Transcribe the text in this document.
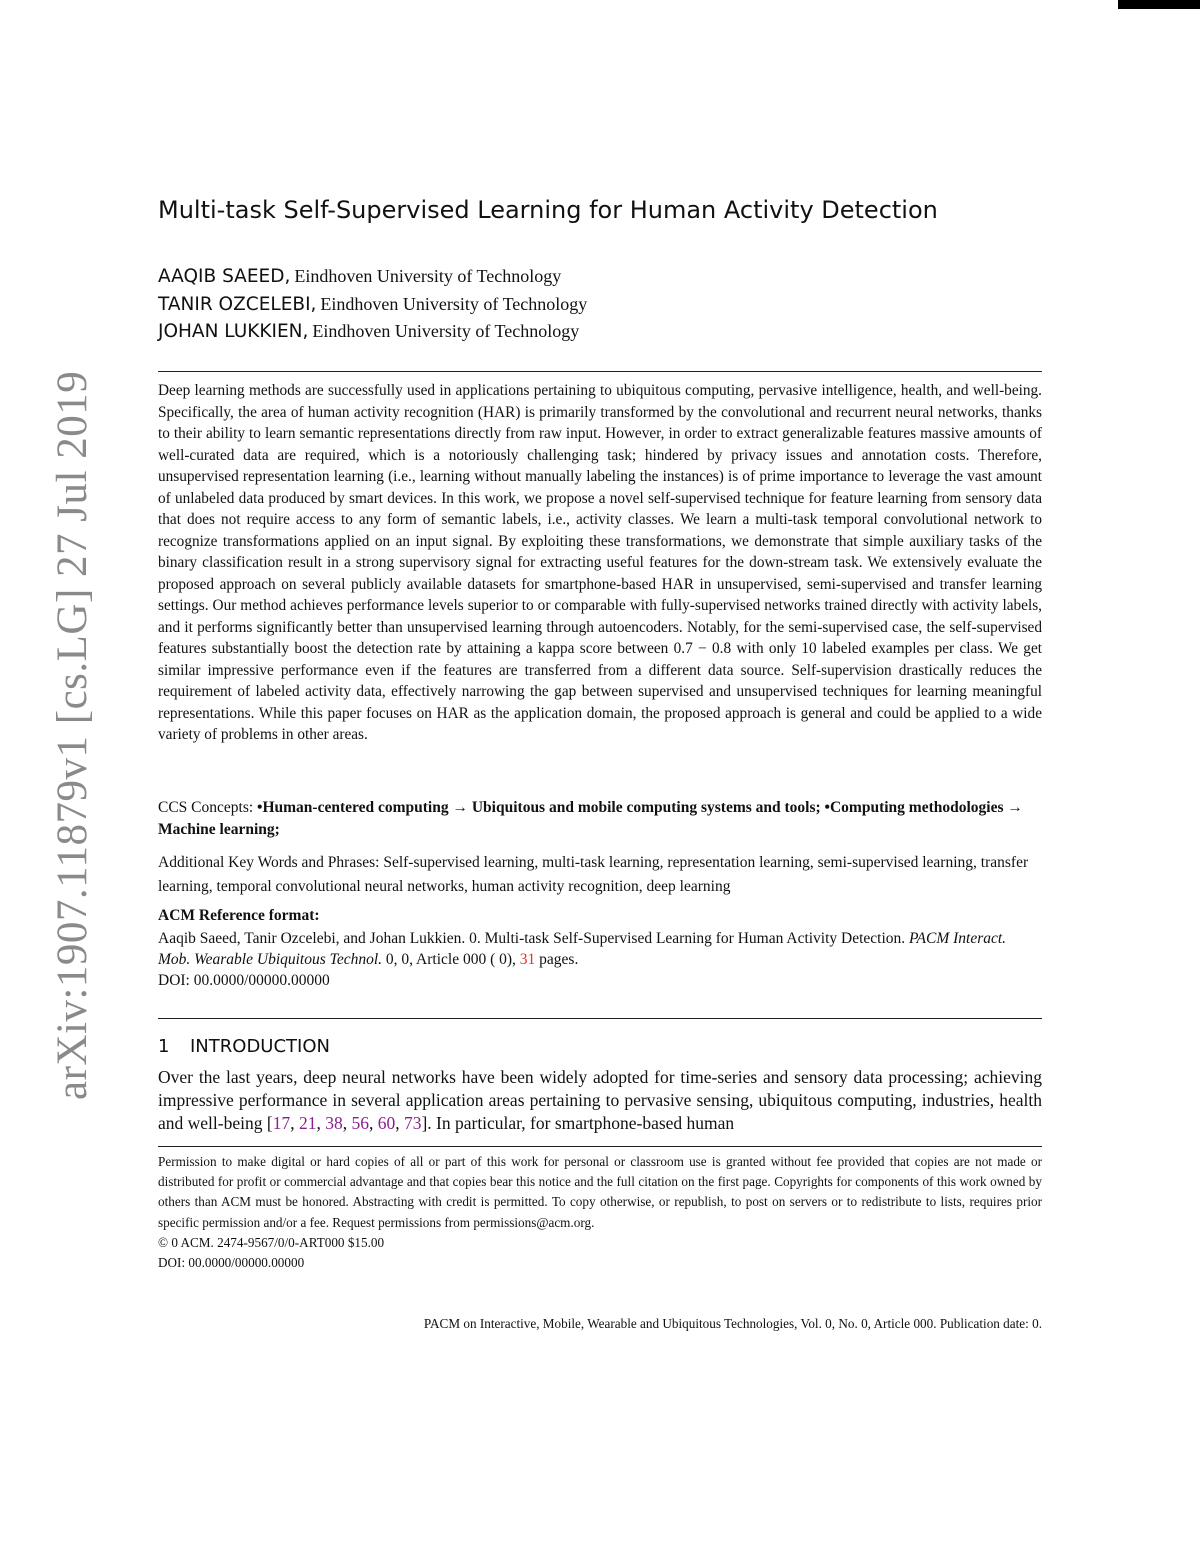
arXiv:1907.11879v1 [cs.LG] 27 Jul 2019
Multi-task Self-Supervised Learning for Human Activity Detection
AAQIB SAEED, Eindhoven University of Technology
TANIR OZCELEBI, Eindhoven University of Technology
JOHAN LUKKIEN, Eindhoven University of Technology
Deep learning methods are successfully used in applications pertaining to ubiquitous computing, pervasive intelligence, health, and well-being. Specifically, the area of human activity recognition (HAR) is primarily transformed by the convolutional and recurrent neural networks, thanks to their ability to learn semantic representations directly from raw input. However, in order to extract generalizable features massive amounts of well-curated data are required, which is a notoriously challenging task; hindered by privacy issues and annotation costs. Therefore, unsupervised representation learning (i.e., learning without manually labeling the instances) is of prime importance to leverage the vast amount of unlabeled data produced by smart devices. In this work, we propose a novel self-supervised technique for feature learning from sensory data that does not require access to any form of semantic labels, i.e., activity classes. We learn a multi-task temporal convolutional network to recognize transformations applied on an input signal. By exploiting these transformations, we demonstrate that simple auxiliary tasks of the binary classification result in a strong supervisory signal for extracting useful features for the down-stream task. We extensively evaluate the proposed approach on several publicly available datasets for smartphone-based HAR in unsupervised, semi-supervised and transfer learning settings. Our method achieves performance levels superior to or comparable with fully-supervised networks trained directly with activity labels, and it performs significantly better than unsupervised learning through autoencoders. Notably, for the semi-supervised case, the self-supervised features substantially boost the detection rate by attaining a kappa score between 0.7 − 0.8 with only 10 labeled examples per class. We get similar impressive performance even if the features are transferred from a different data source. Self-supervision drastically reduces the requirement of labeled activity data, effectively narrowing the gap between supervised and unsupervised techniques for learning meaningful representations. While this paper focuses on HAR as the application domain, the proposed approach is general and could be applied to a wide variety of problems in other areas.
CCS Concepts: •Human-centered computing → Ubiquitous and mobile computing systems and tools; •Computing methodologies → Machine learning;
Additional Key Words and Phrases: Self-supervised learning, multi-task learning, representation learning, semi-supervised learning, transfer learning, temporal convolutional neural networks, human activity recognition, deep learning
ACM Reference format:
Aaqib Saeed, Tanir Ozcelebi, and Johan Lukkien. 0. Multi-task Self-Supervised Learning for Human Activity Detection. PACM Interact. Mob. Wearable Ubiquitous Technol. 0, 0, Article 000 ( 0), 31 pages.
DOI: 00.0000/00000.00000
1 INTRODUCTION
Over the last years, deep neural networks have been widely adopted for time-series and sensory data processing; achieving impressive performance in several application areas pertaining to pervasive sensing, ubiquitous computing, industries, health and well-being [17, 21, 38, 56, 60, 73]. In particular, for smartphone-based human
Permission to make digital or hard copies of all or part of this work for personal or classroom use is granted without fee provided that copies are not made or distributed for profit or commercial advantage and that copies bear this notice and the full citation on the first page. Copyrights for components of this work owned by others than ACM must be honored. Abstracting with credit is permitted. To copy otherwise, or republish, to post on servers or to redistribute to lists, requires prior specific permission and/or a fee. Request permissions from permissions@acm.org.
© 0 ACM. 2474-9567/0/0-ART000 $15.00
DOI: 00.0000/00000.00000
PACM on Interactive, Mobile, Wearable and Ubiquitous Technologies, Vol. 0, No. 0, Article 000. Publication date: 0.
